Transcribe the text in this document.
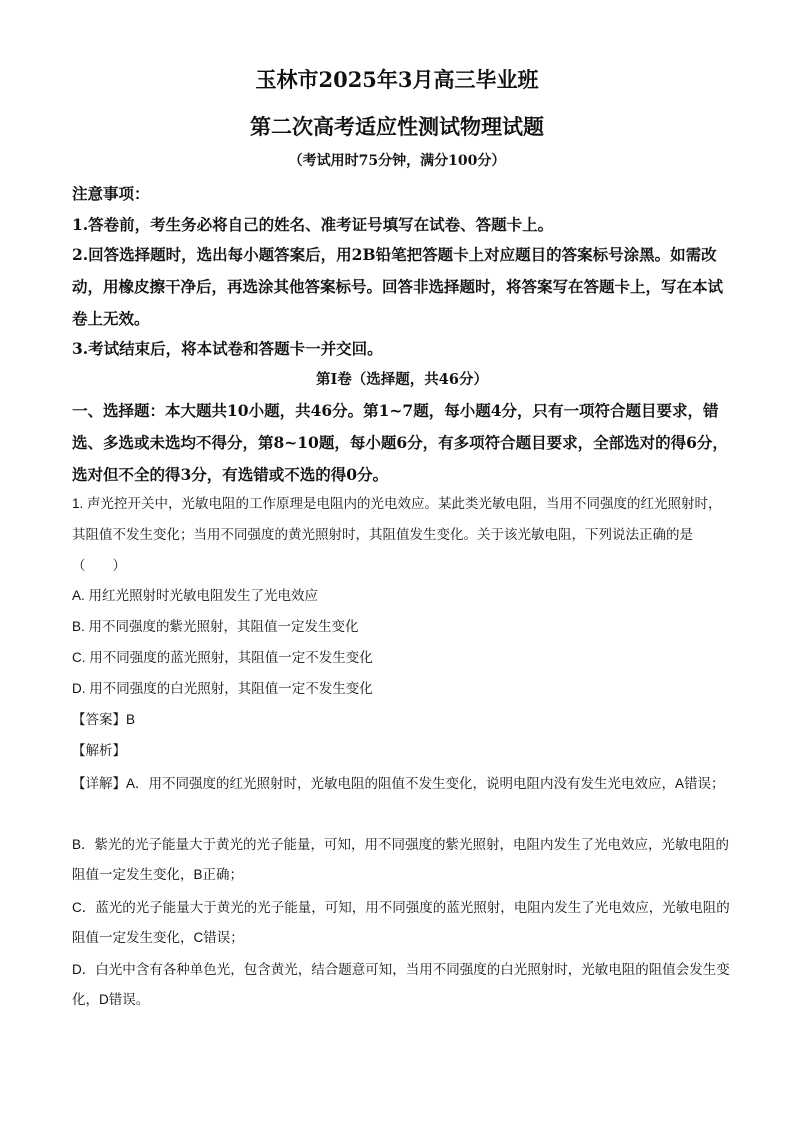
玉林市2025年3月高三毕业班
第二次高考适应性测试物理试题
（考试用时75分钟，满分100分）
注意事项：
1.答卷前，考生务必将自己的姓名、准考证号填写在试卷、答题卡上。
2.回答选择题时，选出每小题答案后，用2B铅笔把答题卡上对应题目的答案标号涂黑。如需改动，用橡皮擦干净后，再选涂其他答案标号。回答非选择题时，将答案写在答题卡上，写在本试卷上无效。
3.考试结束后，将本试卷和答题卡一并交回。
第Ⅰ卷（选择题，共46分）
一、选择题：本大题共10小题，共46分。第1~7题，每小题4分，只有一项符合题目要求，错选、多选或未选均不得分，第8~10题，每小题6分，有多项符合题目要求，全部选对的得6分，选对但不全的得3分，有选错或不选的得0分。
1. 声光控开关中，光敏电阻的工作原理是电阻内的光电效应。某此类光敏电阻，当用不同强度的红光照射时，其阻值不发生变化；当用不同强度的黄光照射时，其阻值发生变化。关于该光敏电阻，下列说法正确的是（　　）
A. 用红光照射时光敏电阻发生了光电效应
B. 用不同强度的紫光照射，其阻值一定发生变化
C. 用不同强度的蓝光照射，其阻值一定不发生变化
D. 用不同强度的白光照射，其阻值一定不发生变化
【答案】B
【解析】
【详解】A．用不同强度的红光照射时，光敏电阻的阻值不发生变化，说明电阻内没有发生光电效应，A错误；
B．紫光的光子能量大于黄光的光子能量，可知，用不同强度的紫光照射，电阻内发生了光电效应，光敏电阻的阻值一定发生变化，B正确；
C．蓝光的光子能量大于黄光的光子能量，可知，用不同强度的蓝光照射，电阻内发生了光电效应，光敏电阻的阻值一定发生变化，C错误；
D．白光中含有各种单色光，包含黄光，结合题意可知，当用不同强度的白光照射时，光敏电阻的阻值会发生变化，D错误。
